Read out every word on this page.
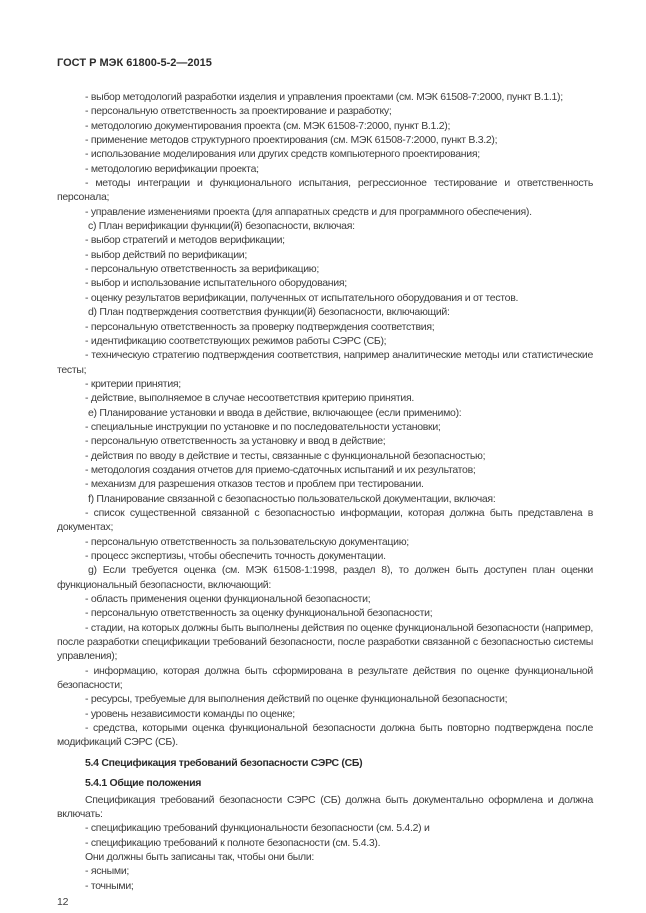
ГОСТ Р МЭК 61800-5-2—2015

- выбор методологий разработки изделия и управления проектами (см. МЭК 61508-7:2000, пункт В.1.1);

- персональную ответственность за проектирование и разработку;

- методологию документирования проекта (см. МЭК 61508-7:2000, пункт В.1.2);

- применение методов структурного проектирования (см. МЭК 61508-7:2000, пункт В.3.2);

- использование моделирования или других средств компьютерного проектирования;

- методологию верификации проекта;

- методы интеграции и функционального испытания, регрессионное тестирование и ответственность персонала;

- управление изменениями проекта (для аппаратных средств и для программного обеспечения).

c) План верификации функции(й) безопасности, включая:

- выбор стратегий и методов верификации;

- выбор действий по верификации;

- персональную ответственность за верификацию;

- выбор и использование испытательного оборудования;

- оценку результатов верификации, полученных от испытательного оборудования и от тестов.

d) План подтверждения соответствия функции(й) безопасности, включающий:

- персональную ответственность за проверку подтверждения соответствия;

- идентификацию соответствующих режимов работы СЭРС (СБ);

- техническую стратегию подтверждения соответствия, например аналитические методы или статистические тесты;

- критерии принятия;

- действие, выполняемое в случае несоответствия критерию принятия.

e) Планирование установки и ввода в действие, включающее (если применимо):

- специальные инструкции по установке и по последовательности установки;

- персональную ответственность за установку и ввод в действие;

- действия по вводу в действие и тесты, связанные с функциональной безопасностью;

- методология создания отчетов для приемо-сдаточных испытаний и их результатов;

- механизм для разрешения отказов тестов и проблем при тестировании.

f) Планирование связанной с безопасностью пользовательской документации, включая:

- список существенной связанной с безопасностью информации, которая должна быть представлена в документах;

- персональную ответственность за пользовательскую документацию;

- процесс экспертизы, чтобы обеспечить точность документации.

g) Если требуется оценка (см. МЭК 61508-1:1998, раздел 8), то должен быть доступен план оценки функциональный безопасности, включающий:

- область применения оценки функциональной безопасности;

- персональную ответственность за оценку функциональной безопасности;

- стадии, на которых должны быть выполнены действия по оценке функциональной безопасности (например, после разработки спецификации требований безопасности, после разработки связанной с безопасностью системы управления);

- информацию, которая должна быть сформирована в результате действия по оценке функциональной безопасности;

- ресурсы, требуемые для выполнения действий по оценке функциональной безопасности;

- уровень независимости команды по оценке;

- средства, которыми оценка функциональной безопасности должна быть повторно подтверждена после модификаций СЭРС (СБ).

5.4 Спецификация требований безопасности СЭРС (СБ)

5.4.1 Общие положения

Спецификация требований безопасности СЭРС (СБ) должна быть документально оформлена и должна включать:

- спецификацию требований функциональности безопасности (см. 5.4.2) и

- спецификацию требований к полноте безопасности (см. 5.4.3).

Они должны быть записаны так, чтобы они были:

- ясными;

- точными;

12
